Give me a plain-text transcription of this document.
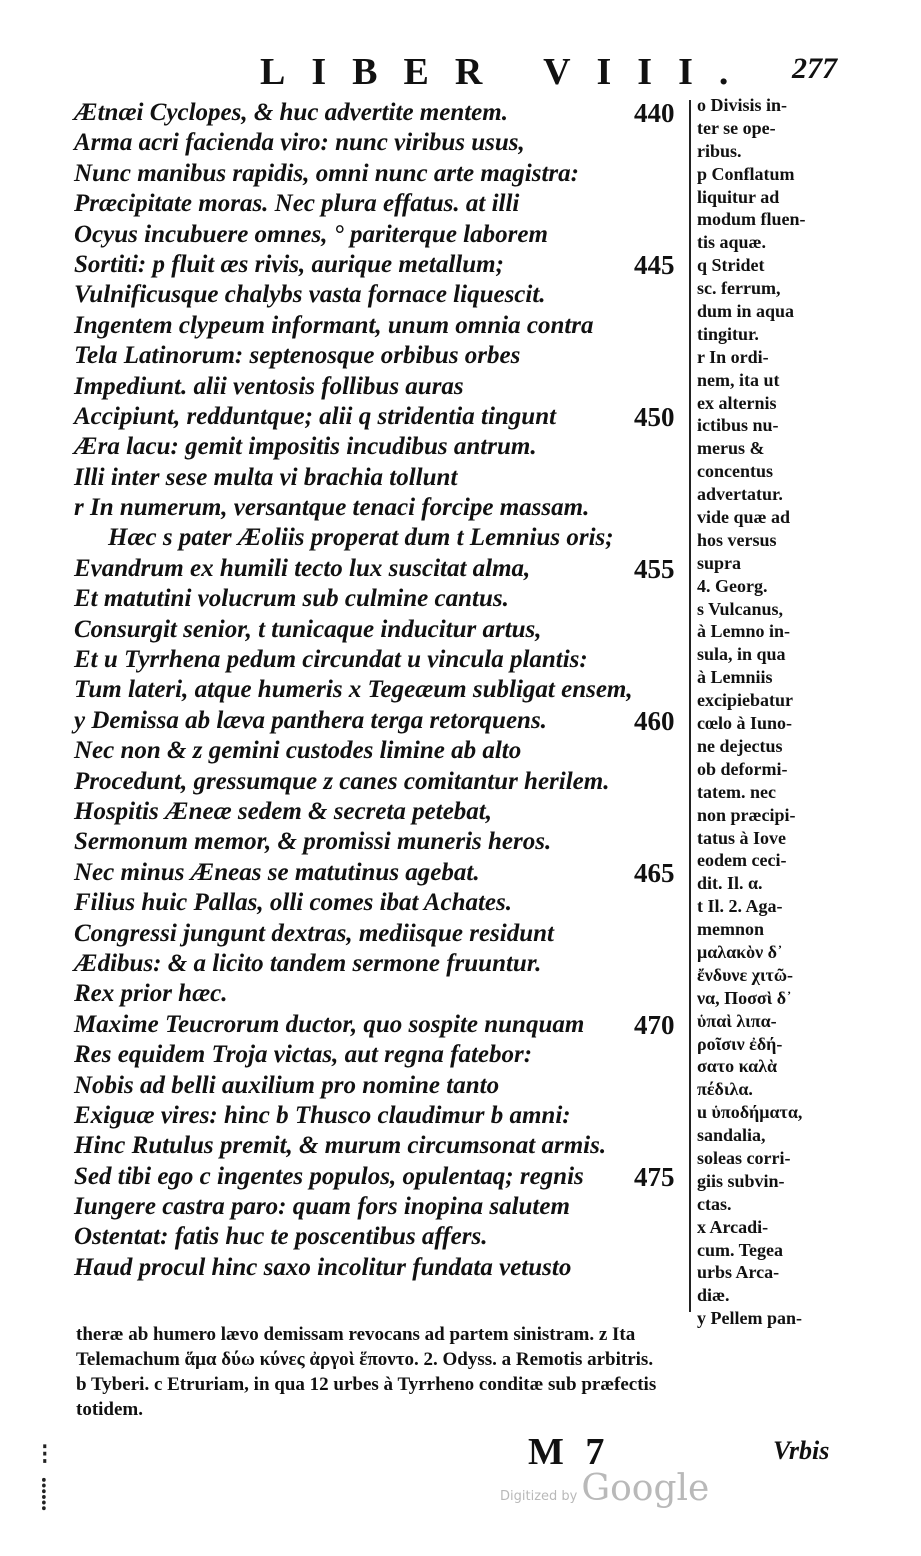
LIBER VIII. 277
Ætnæi Cyclopes, & huc advertite mentem.	440
Arma acri facienda viro: nunc viribus usus,
Nunc manibus rapidis, omni nunc arte magistra:
Præcipitate moras. Nec plura effatus. at illi
Ocyus incubuere omnes, ° pariterque laborem
Sortiti: p fluit æs rivis, aurique metallum;	445
Vulnificusque chalybs vasta fornace liquescit.
Ingentem clypeum informant, unum omnia contra
Tela Latinorum: septenosque orbibus orbes
Impediunt. alii ventosis follibus auras
Accipiunt, redduntque; alii q stridentia tingunt	450
Æra lacu: gemit impositis incudibus antrum.
Illi inter sese multa vi brachia tollunt
r In numerum, versantque tenaci forcipe massam.
Hæc s pater Æoliis properat dum t Lemnius oris;
Evandrum ex humili tecto lux suscitat alma,	455
Et matutini volucrum sub culmine cantus.
Consurgit senior, t tunicaque inducitur artus,
Et u Tyrrhena pedum circundat u vincula plantis:
Tum lateri, atque humeris x Tegeæum subligat ensem,
y Demissa ab læva panthera terga retorquens.	460
Nec non & z gemini custodes limine ab alto
Procedunt, gressumque z canes comitantur herilem.
Hospitis Æneæ sedem & secreta petebat,
Sermonum memor, & promissi muneris heros.
Nec minus Æneas se matutinus agebat.	465
Filius huic Pallas, olli comes ibat Achates.
Congressi jungunt dextras, mediisque residunt
Ædibus: & a licito tandem sermone fruuntur.
Rex prior hæc.
Maxime Teucrorum ductor, quo sospite nunquam 470
Res equidem Troja victas, aut regna fatebor:
Nobis ad belli auxilium pro nomine tanto
Exiguæ vires: hinc b Thusco claudimur b amni:
Hinc Rutulus premit, & murum circumsonat armis.
Sed tibi ego c ingentes populos, opulentaq; regnis 475
Iungere castra paro: quam fors inopina salutem
Ostentat: fatis huc te poscentibus affers.
Haud procul hinc saxo incolitur fundata vetusto
o Divisis in-
ter se ope-
ribus.
p Conflatum
liquitur ad
modum fluen-
tis aquæ.
q Stridet
sc. ferrum,
dum in aqua
tingitur.
r In ordi-
nem, ita ut
ex alternis
ictibus nu-
merus &
concentus
advertatur.
vide quæ ad
hos versus
supra
4. Georg.
s Vulcanus,
à Lemno in-
sula, in qua
à Lemniis
excipiebatur
cœlo à Iuno-
ne dejectus
ob deformi-
tatem. nec
non præcipi-
tatus à Iove
eodem ceci-
dit. Il. α.
t Il. 2. Aga-
memnon
μαλακὸν δ᾽
ἔνδυνε χιτῶ-
να, Ποσσὶ δ᾽
ὑπαὶ λιπα-
ροῖσιν ἐδή-
σατο καλὰ
πέδιλα.
u ὑποδήματα,
sandalia,
soleas corri-
giis subvin-
ctas.
x Arcadi-
cum. Tegea
urbs Arca-
diæ.
y Pellem pan-
theræ ab humero lævo demissam revocans ad partem sinistram. z Ita
Telemachum ἅμα δύω κύνες ἀργοὶ ἕποντο. 2. Odyss. a Remotis arbitris.
b Tyberi. c Etruriam, in qua 12 urbes à Tyrrheno conditæ sub præfectis
totidem.
M 7	Vrbis
Digitized by Google
⁝
⸽
